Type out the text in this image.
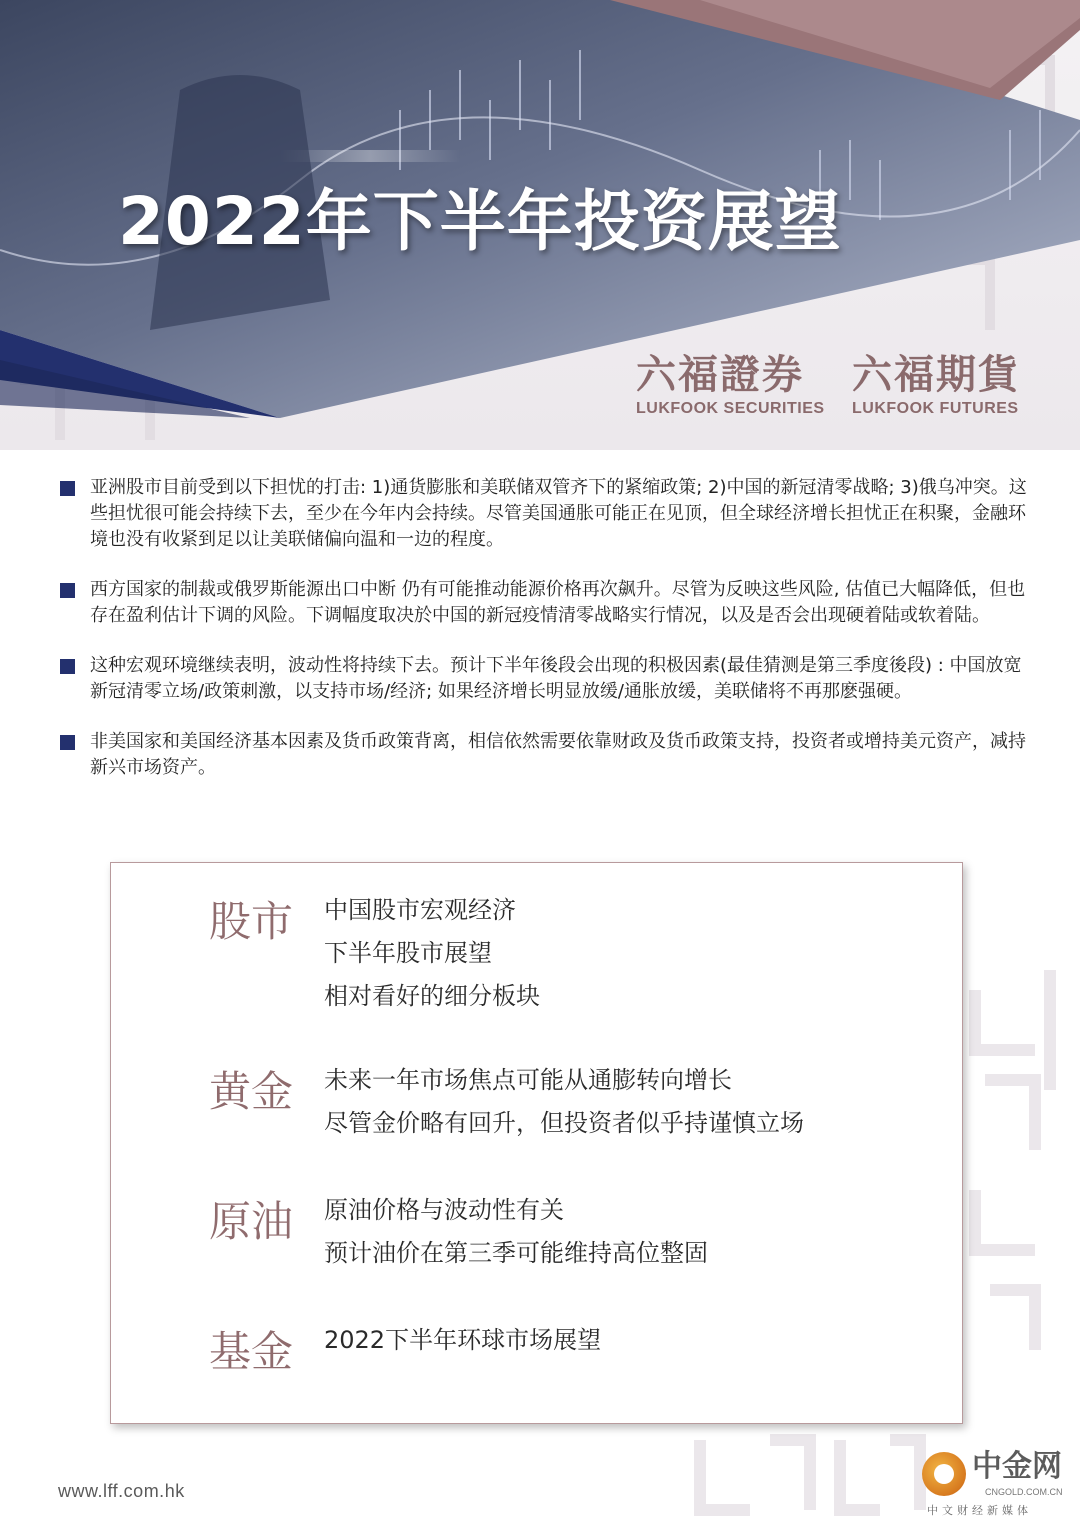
2022年下半年投资展望
六福證券
LUKFOOK SECURITIES
六福期貨
LUKFOOK FUTURES
亚洲股市目前受到以下担忧的打击: 1)通货膨胀和美联储双管齐下的紧缩政策; 2)中国的新冠清零战略; 3)俄乌冲突。这些担忧很可能会持续下去，至少在今年内会持续。尽管美国通胀可能正在见顶，但全球经济增长担忧正在积聚，金融环境也没有收紧到足以让美联储偏向温和一边的程度。
西方国家的制裁或俄罗斯能源出口中断 仍有可能推动能源价格再次飙升。尽管为反映这些风险, 估值已大幅降低，但也存在盈利估计下调的风险。下调幅度取决於中国的新冠疫情清零战略实行情况，以及是否会出现硬着陆或软着陆。
这种宏观环境继续表明，波动性将持续下去。预计下半年後段会出现的积极因素(最佳猜测是第三季度後段) : 中国放宽新冠清零立场/政策刺激，以支持市场/经济; 如果经济增长明显放缓/通胀放缓，美联储将不再那麽强硬。
非美国家和美国经济基本因素及货币政策背离，相信依然需要依靠财政及货币政策支持，投资者或增持美元资产，减持新兴市场资产。
股市 中国股市宏观经济
下半年股市展望
相对看好的细分板块
黄金 未来一年市场焦点可能从通膨转向增长
尽管金价略有回升，但投资者似乎持谨慎立场
原油 原油价格与波动性有关
预计油价在第三季可能维持高位整固
基金 2022下半年环球市场展望
www.lff.com.hk
中金网
CNGOLD.COM.CN
中文财经新媒体
